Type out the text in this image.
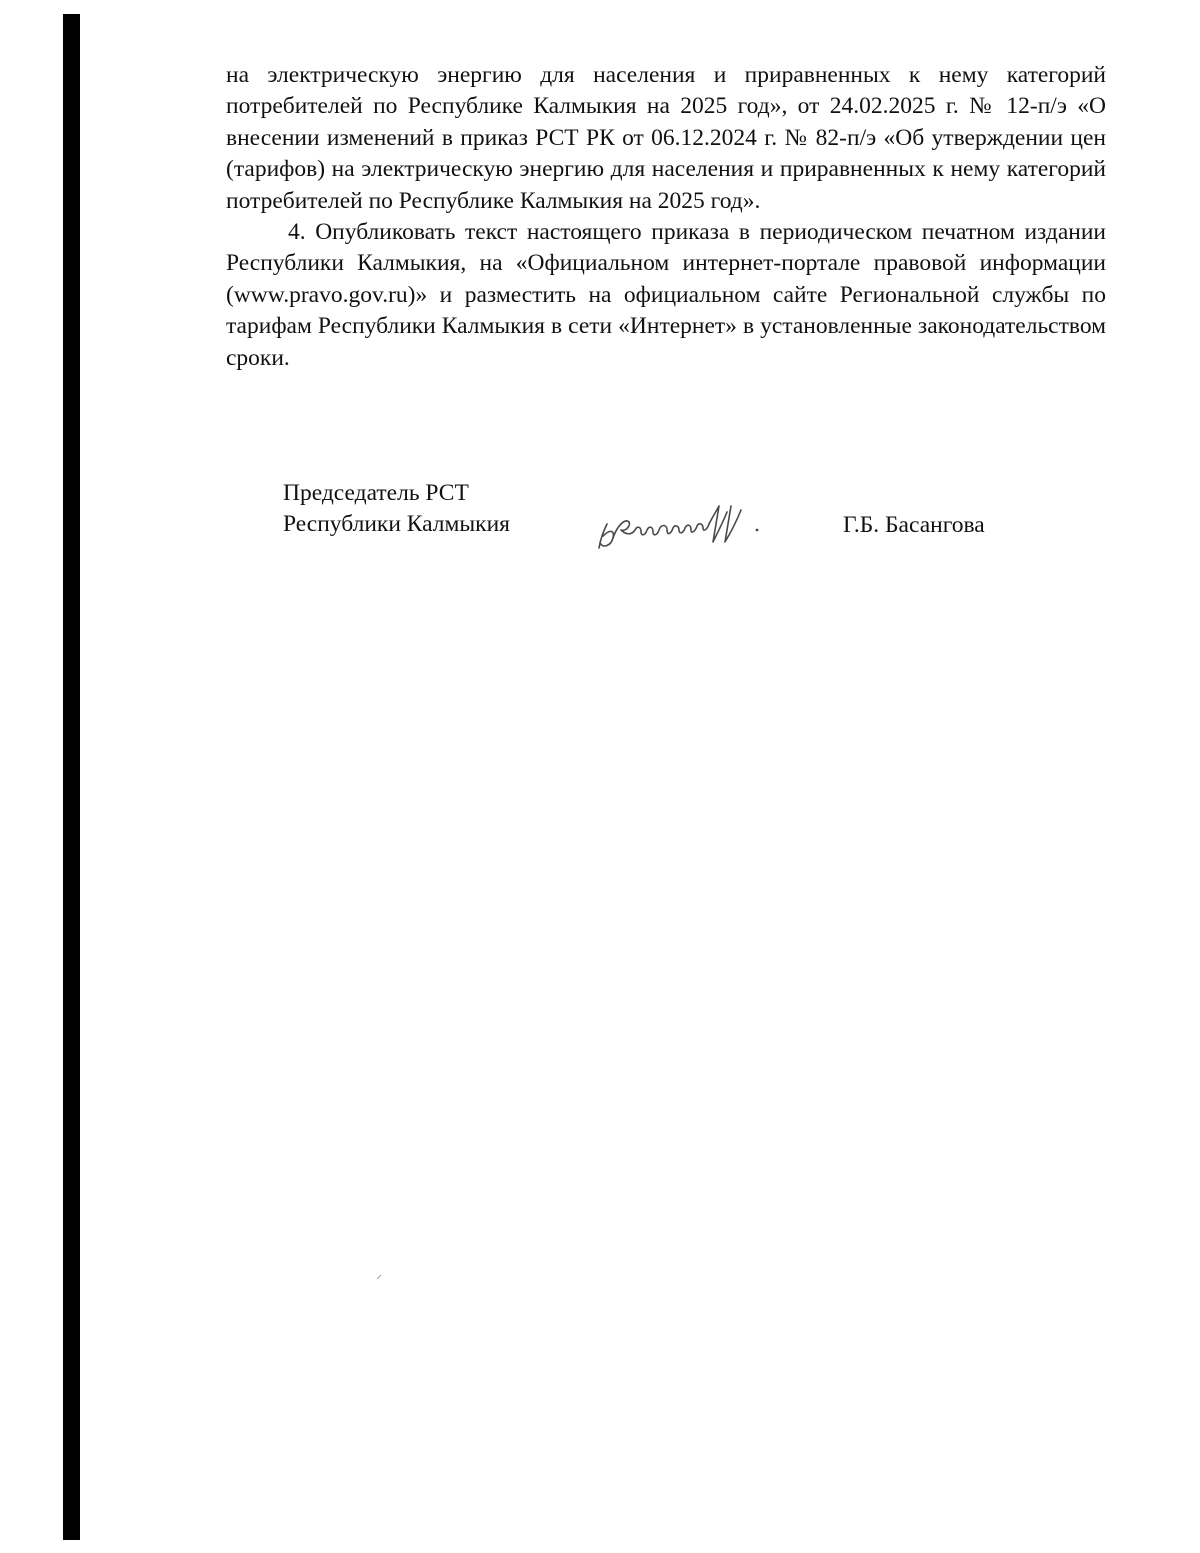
на электрическую энергию для населения и приравненных к нему категорий потребителей по Республике Калмыкия на 2025 год», от 24.02.2025 г. № 12-п/э «О внесении изменений в приказ РСТ РК от 06.12.2024 г. № 82-п/э «Об утверждении цен (тарифов) на электрическую энергию для населения и приравненных к нему категорий потребителей по Республике Калмыкия на 2025 год».

4. Опубликовать текст настоящего приказа в периодическом печатном издании Республики Калмыкия, на «Официальном интернет-портале правовой информации (www.pravo.gov.ru)» и разместить на официальном сайте Региональной службы по тарифам Республики Калмыкия в сети «Интернет» в установленные законодательством сроки.

Председатель РСТ
Республики Калмыкия	Г.Б. Басангова
